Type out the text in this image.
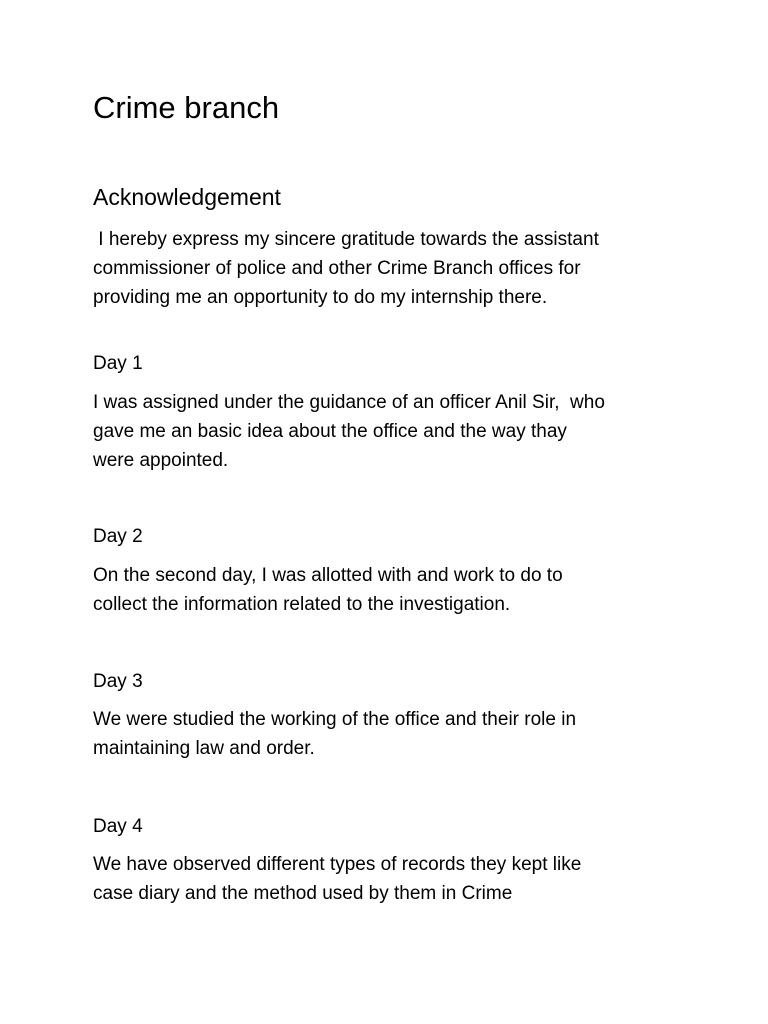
Crime branch
Acknowledgement

I hereby express my sincere gratitude towards the assistant
commissioner of police and other Crime Branch offices for
providing me an opportunity to do my internship there.

Day 1

I was assigned under the guidance of an officer Anil Sir,  who
gave me an basic idea about the office and the way thay
were appointed.

Day 2

On the second day, I was allotted with and work to do to
collect the information related to the investigation.

Day 3

We were studied the working of the office and their role in
maintaining law and order.

Day 4

We have observed different types of records they kept like
case diary and the method used by them in Crime
